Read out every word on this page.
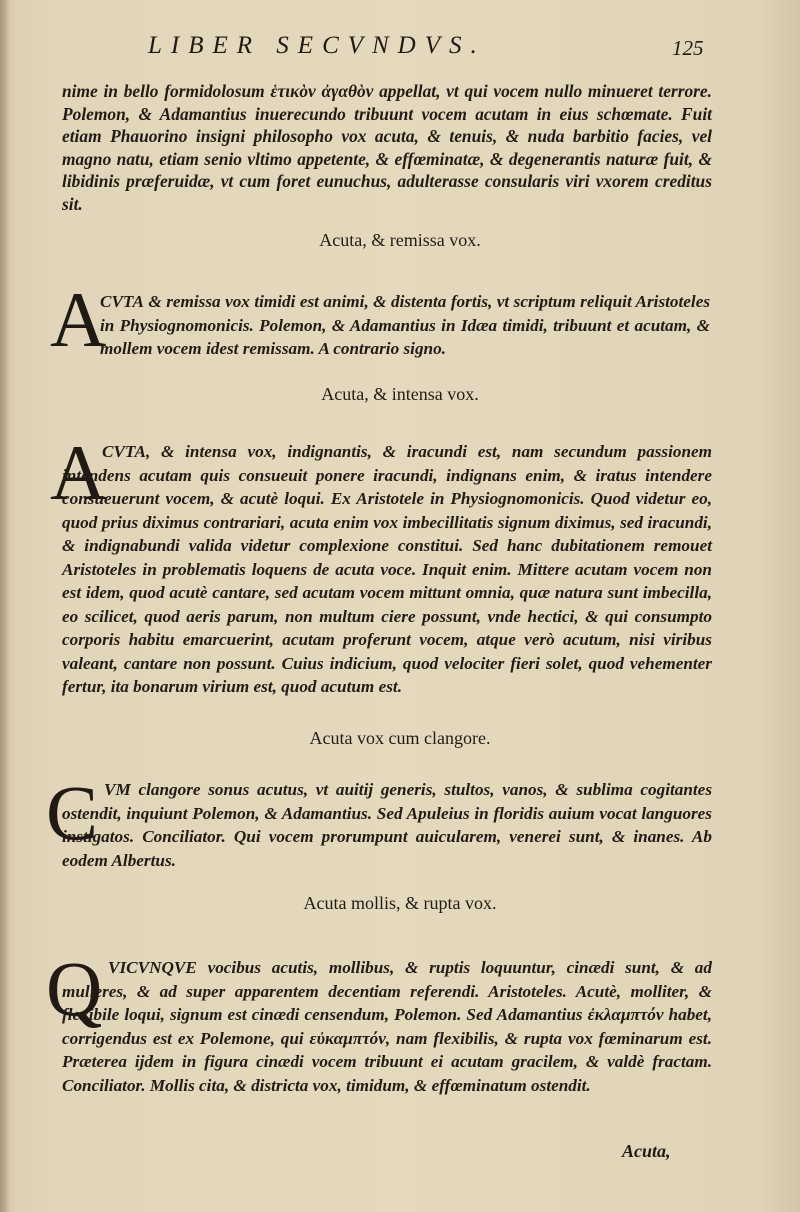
LIBER SECVNDVS.	125
nime in bello formidolosum ἑτικὸν ἀγαθὸν appellat, vt qui vocem nullo minueret terrore. Polemon, & Adamantius inuerecundo tribuunt vocem acutam in eius schœmate. Fuit etiam Phauorino insigni philosopho vox acuta, & tenuis, & nuda barbitio facies, vel magno natu, etiam senio vltimo appetente, & effœminatæ, & degenerantis naturæ fuit, & libidinis præferuidæ, vt cum foret eunuchus, adulterasse consularis viri vxorem creditus sit.
Acuta, & remissa vox.
A
CVTA & remissa vox timidi est animi, & distenta fortis, vt scriptum reliquit Aristoteles in Physiognomonicis. Polemon, & Adamantius in Idæa timidi, tribuunt et acutam, & mollem vocem idest remissam. A contrario signo.
Acuta, & intensa vox.
A
CVTA, & intensa vox, indignantis, & iracundi est, nam secundum passionem intendens acutam quis consueuit ponere iracundi, indignans enim, & iratus intendere consueuerunt vocem, & acutè loqui. Ex Aristotele in Physiognomonicis. Quod videtur eo, quod prius diximus contrariari, acuta enim vox imbecillitatis signum diximus, sed iracundi, & indignabundi valida videtur complexione constitui. Sed hanc dubitationem remouet Aristoteles in problematis loquens de acuta voce. Inquit enim. Mittere acutam vocem non est idem, quod acutè cantare, sed acutam vocem mittunt omnia, quæ natura sunt imbecilla, eo scilicet, quod aeris parum, non multum ciere possunt, vnde hectici, & qui consumpto corporis habitu emarcuerint, acutam proferunt vocem, atque verò acutum, nisi viribus valeant, cantare non possunt. Cuius indicium, quod velociter fieri solet, quod vehementer fertur, ita bonarum virium est, quod acutum est.
Acuta vox cum clangore.
C VM clangore sonus acutus, vt auitij generis, stultos, vanos, & sublima cogitantes ostendit, inquiunt Polemon, & Adamantius. Sed Apuleius in floridis auium vocat languores instigatos. Conciliator. Qui vocem prorumpunt auicularem, venerei sunt, & inanes. Ab eodem Albertus.
Acuta mollis, & rupta vox.
Q VICVNQVE vocibus acutis, mollibus, & ruptis loquuntur, cinædi sunt, & ad mulieres, & ad super apparentem decentiam referendi. Aristoteles. Acutè, molliter, & flexibile loqui, signum est cinædi censendum, Polemon. Sed Adamantius ἐκλαμπτόν habet, corrigendus est ex Polemone, qui εὐκαμπτόν, nam flexibilis, & rupta vox fœminarum est. Præterea ijdem in figura cinædi vocem tribuunt ei acutam gracilem, & valdè fractam. Conciliator. Mollis cita, & districta vox, timidum, & effœminatum ostendit.
Acuta,
